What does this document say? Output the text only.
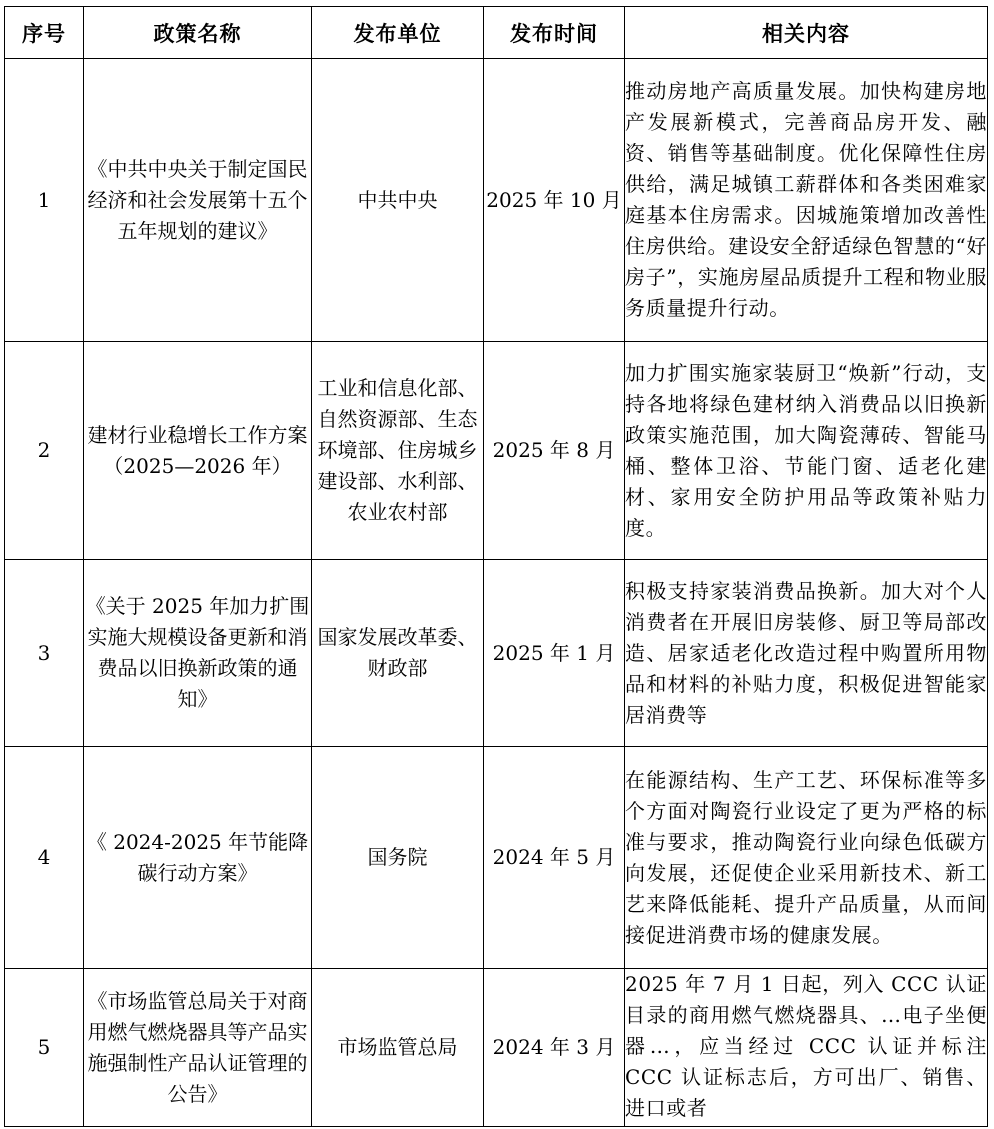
序号	政策名称	发布单位	发布时间	相关内容
1	《中共中央关于制定国民经济和社会发展第十五个五年规划的建议》	中共中央	2025 年 10 月	推动房地产高质量发展。加快构建房地产发展新模式，完善商品房开发、融资、销售等基础制度。优化保障性住房供给，满足城镇工薪群体和各类困难家庭基本住房需求。因城施策增加改善性住房供给。建设安全舒适绿色智慧的“好房子”，实施房屋品质提升工程和物业服务质量提升行动。
2	建材行业稳增长工作方案（2025—2026 年）	工业和信息化部、自然资源部、生态环境部、住房城乡建设部、水利部、农业农村部	2025 年 8 月	加力扩围实施家装厨卫“焕新”行动，支持各地将绿色建材纳入消费品以旧换新政策实施范围，加大陶瓷薄砖、智能马桶、整体卫浴、节能门窗、适老化建材、家用安全防护用品等政策补贴力度。
3	《关于 2025 年加力扩围实施大规模设备更新和消费品以旧换新政策的通知》	国家发展改革委、财政部	2025 年 1 月	积极支持家装消费品换新。加大对个人消费者在开展旧房装修、厨卫等局部改造、居家适老化改造过程中购置所用物品和材料的补贴力度，积极促进智能家居消费等
4	《 2024-2025 年节能降碳行动方案》	国务院	2024 年 5 月	在能源结构、生产工艺、环保标准等多个方面对陶瓷行业设定了更为严格的标准与要求，推动陶瓷行业向绿色低碳方向发展，还促使企业采用新技术、新工艺来降低能耗、提升产品质量，从而间接促进消费市场的健康发展。
5	《市场监管总局关于对商用燃气燃烧器具等产品实施强制性产品认证管理的公告》	市场监管总局	2024 年 3 月	2025 年 7 月 1 日起，列入 CCC 认证目录的商用燃气燃烧器具、…电子坐便器…，应当经过 CCC 认证并标注 CCC 认证标志后，方可出厂、销售、进口或者
